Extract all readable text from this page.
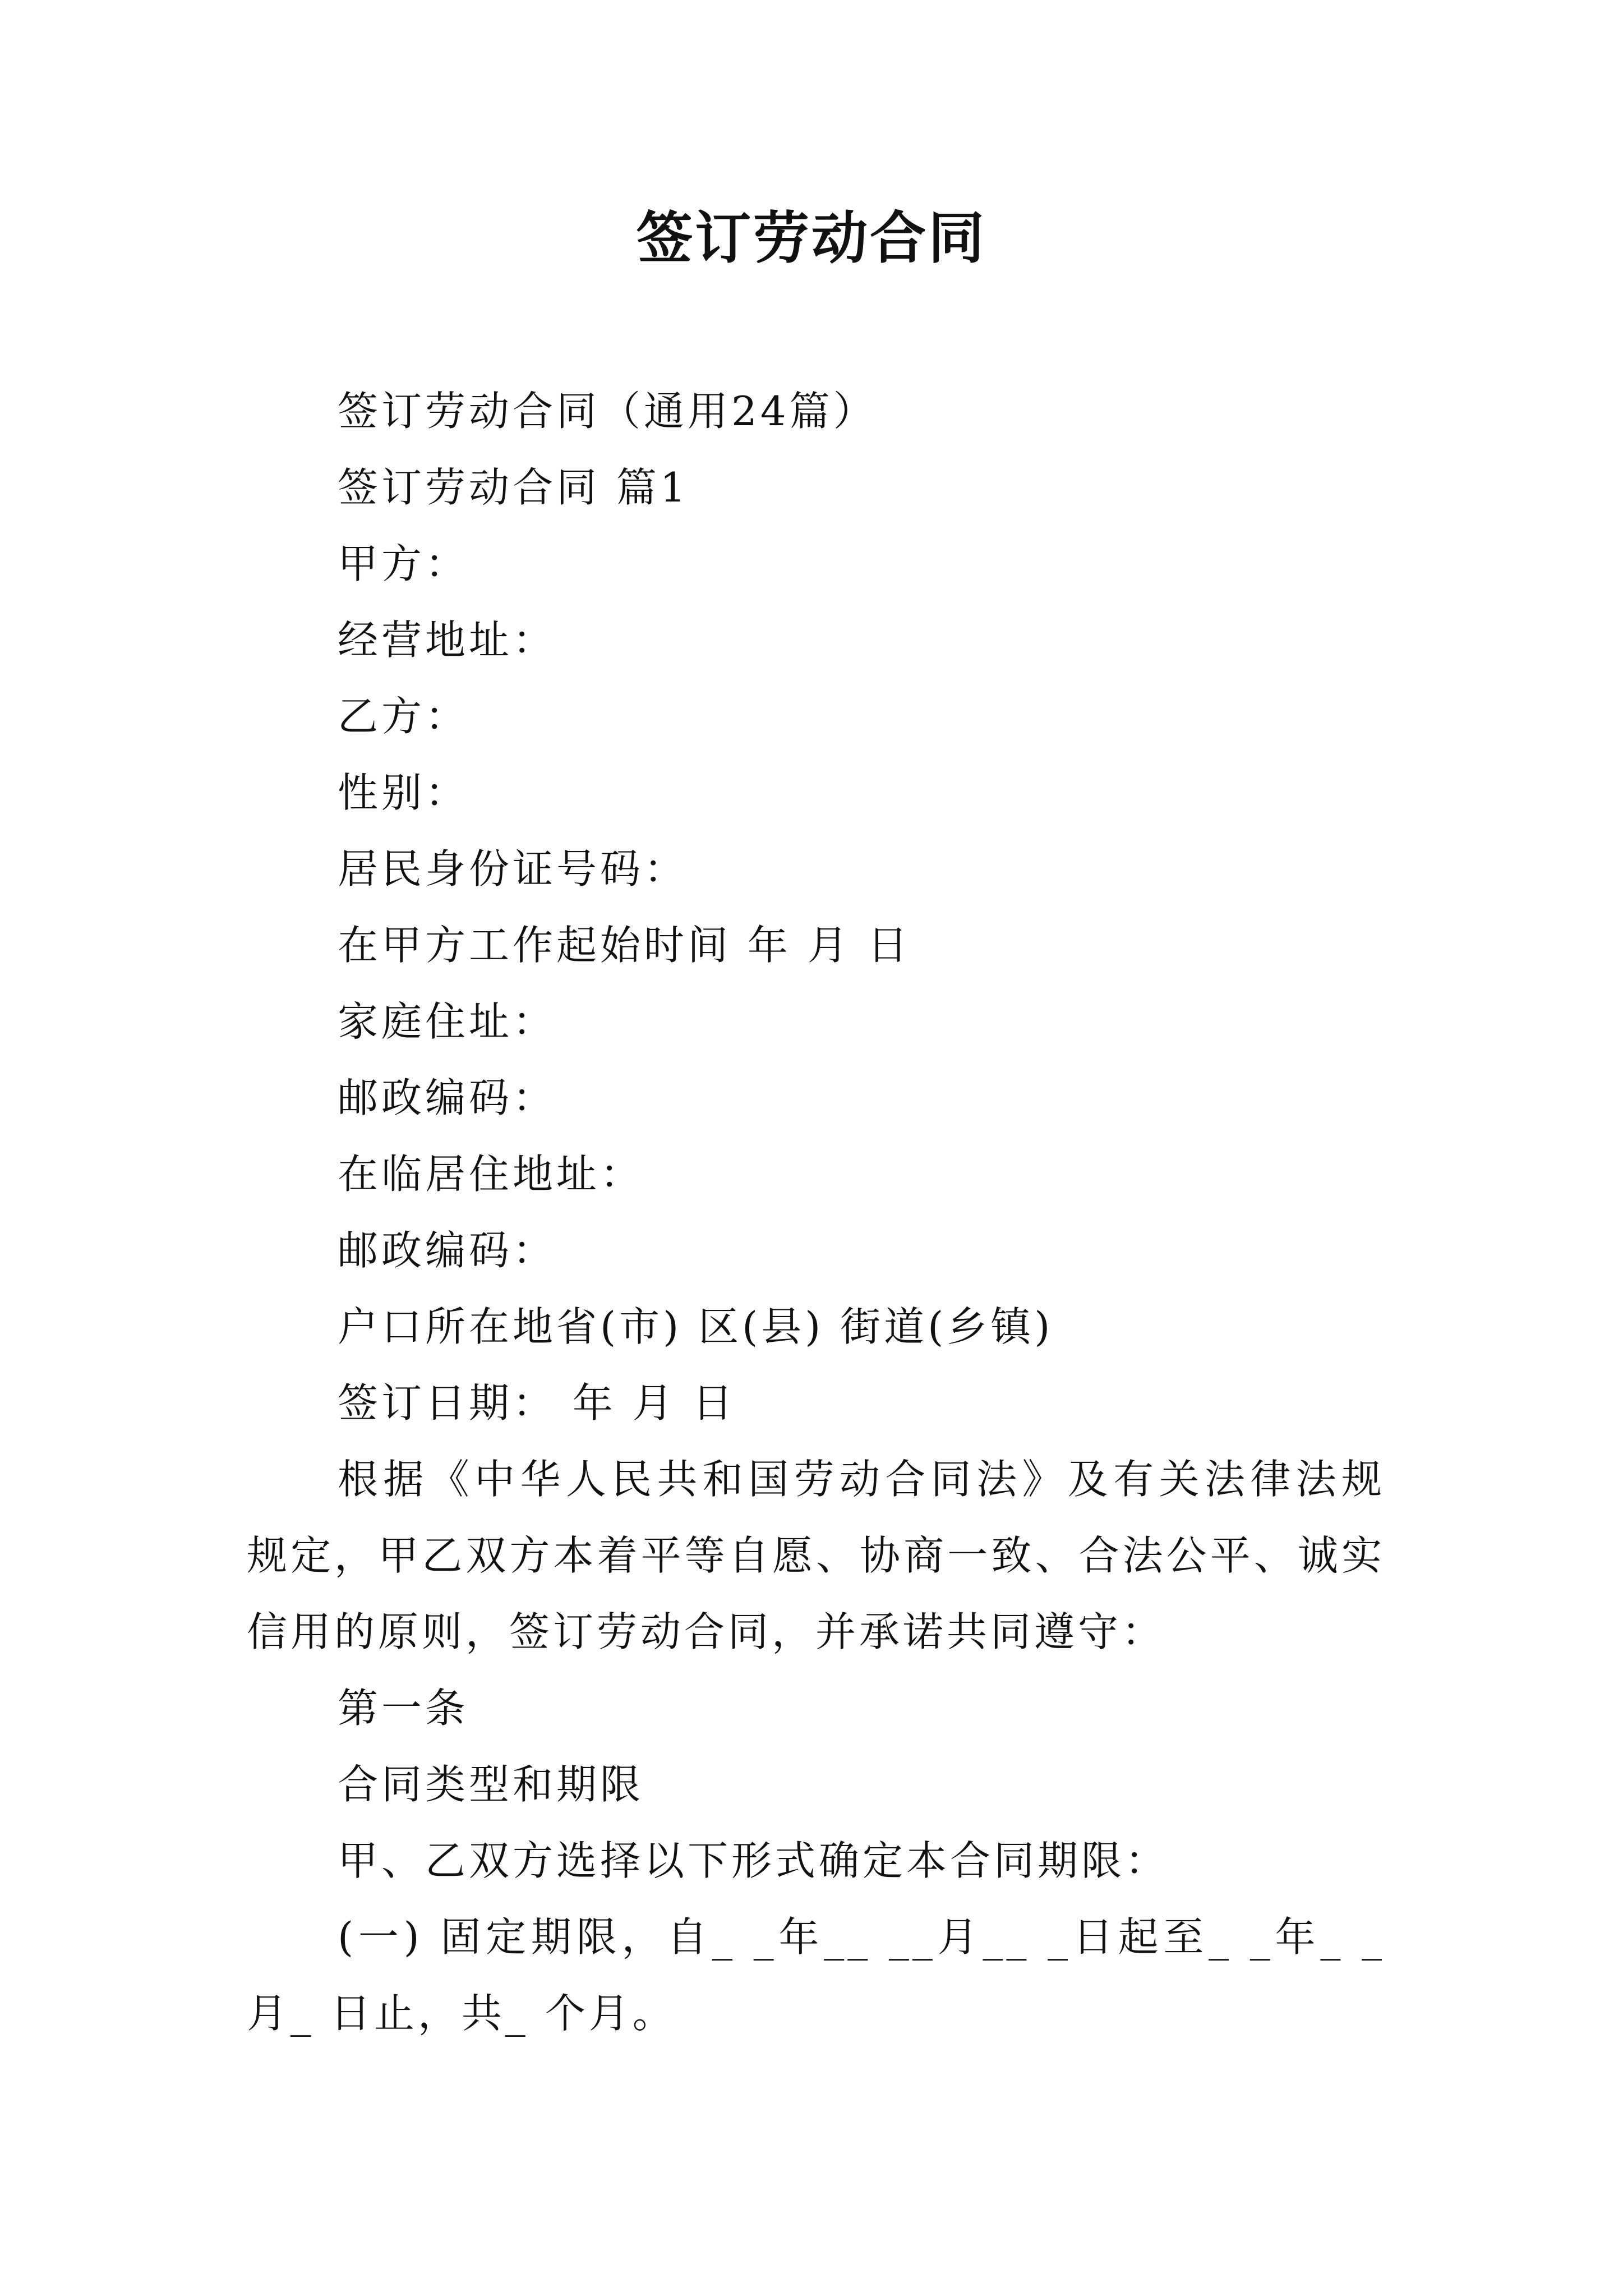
签订劳动合同

签订劳动合同（通用24篇）

签订劳动合同 篇1

甲方：

经营地址：

乙方：

性别：

居民身份证号码：

在甲方工作起始时间 年 月 日

家庭住址：

邮政编码：

在临居住地址：

邮政编码：

户口所在地省(市) 区(县) 街道(乡镇)

签订日期： 年 月 日

根据《中华人民共和国劳动合同法》及有关法律法规规定，甲乙双方本着平等自愿、协商一致、合法公平、诚实信用的原则，签订劳动合同，并承诺共同遵守：

第一条

合同类型和期限

甲、乙双方选择以下形式确定本合同期限：

(一) 固定期限，自_ _年__ __月__ _日起至_ _年_ _月_ 日止，共_ 个月。
